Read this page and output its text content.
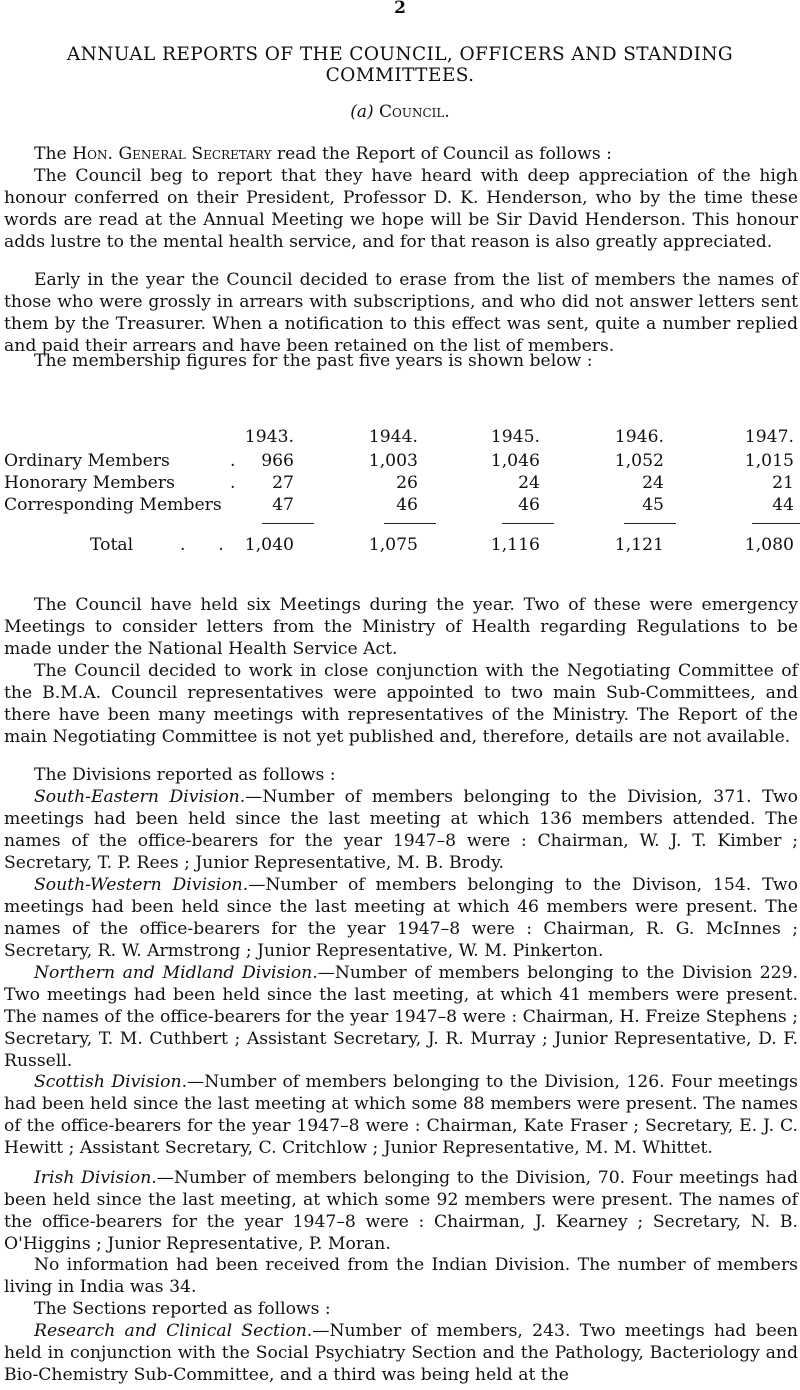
2
ANNUAL REPORTS OF THE COUNCIL, OFFICERS AND STANDING COMMITTEES.
(a) Council.

The Hon. General Secretary read the Report of Council as follows :

The Council beg to report that they have heard with deep appreciation of the high honour conferred on their President, Professor D. K. Henderson, who by the time these words are read at the Annual Meeting we hope will be Sir David Henderson. This honour adds lustre to the mental health service, and for that reason is also greatly appreciated.

Early in the year the Council decided to erase from the list of members the names of those who were grossly in arrears with subscriptions, and who did not answer letters sent them by the Treasurer. When a notification to this effect was sent, quite a number replied and paid their arrears and have been retained on the list of members.

The membership figures for the past five years is shown below :

1943.	1944.	1945.	1946.	1947.
Ordinary Members	.	966	1,003	1,046	1,052	1,015
Honorary Members	.	27	26	24	24	21
Corresponding Members	47	46	46	45	44
Total	.      .	1,040	1,075	1,116	1,121	1,080

The Council have held six Meetings during the year. Two of these were emergency Meetings to consider letters from the Ministry of Health regarding Regulations to be made under the National Health Service Act.

The Council decided to work in close conjunction with the Negotiating Committee of the B.M.A. Council representatives were appointed to two main Sub-Committees, and there have been many meetings with representatives of the Ministry. The Report of the main Negotiating Committee is not yet published and, therefore, details are not available.

The Divisions reported as follows :

South-Eastern Division.—Number of members belonging to the Division, 371. Two meetings had been held since the last meeting at which 136 members attended. The names of the office-bearers for the year 1947–8 were : Chairman, W. J. T. Kimber ; Secretary, T. P. Rees ; Junior Representative, M. B. Brody.

South-Western Division.—Number of members belonging to the Divison, 154. Two meetings had been held since the last meeting at which 46 members were present. The names of the office-bearers for the year 1947–8 were : Chairman, R. G. McInnes ; Secretary, R. W. Armstrong ; Junior Representative, W. M. Pinkerton.

Northern and Midland Division.—Number of members belonging to the Division 229. Two meetings had been held since the last meeting, at which 41 members were present. The names of the office-bearers for the year 1947–8 were : Chairman, H. Freize Stephens ; Secretary, T. M. Cuthbert ; Assistant Secretary, J. R. Murray ; Junior Representative, D. F. Russell.

Scottish Division.—Number of members belonging to the Division, 126. Four meetings had been held since the last meeting at which some 88 members were present. The names of the office-bearers for the year 1947–8 were : Chairman, Kate Fraser ; Secretary, E. J. C. Hewitt ; Assistant Secretary, C. Critchlow ; Junior Representative, M. M. Whittet.

Irish Division.—Number of members belonging to the Division, 70. Four meetings had been held since the last meeting, at which some 92 members were present. The names of the office-bearers for the year 1947–8 were : Chairman, J. Kearney ; Secretary, N. B. O'Higgins ; Junior Representative, P. Moran.

No information had been received from the Indian Division. The number of members living in India was 34.

The Sections reported as follows :

Research and Clinical Section.—Number of members, 243. Two meetings had been held in conjunction with the Social Psychiatry Section and the Pathology, Bacteriology and Bio-Chemistry Sub-Committee, and a third was being held at the
